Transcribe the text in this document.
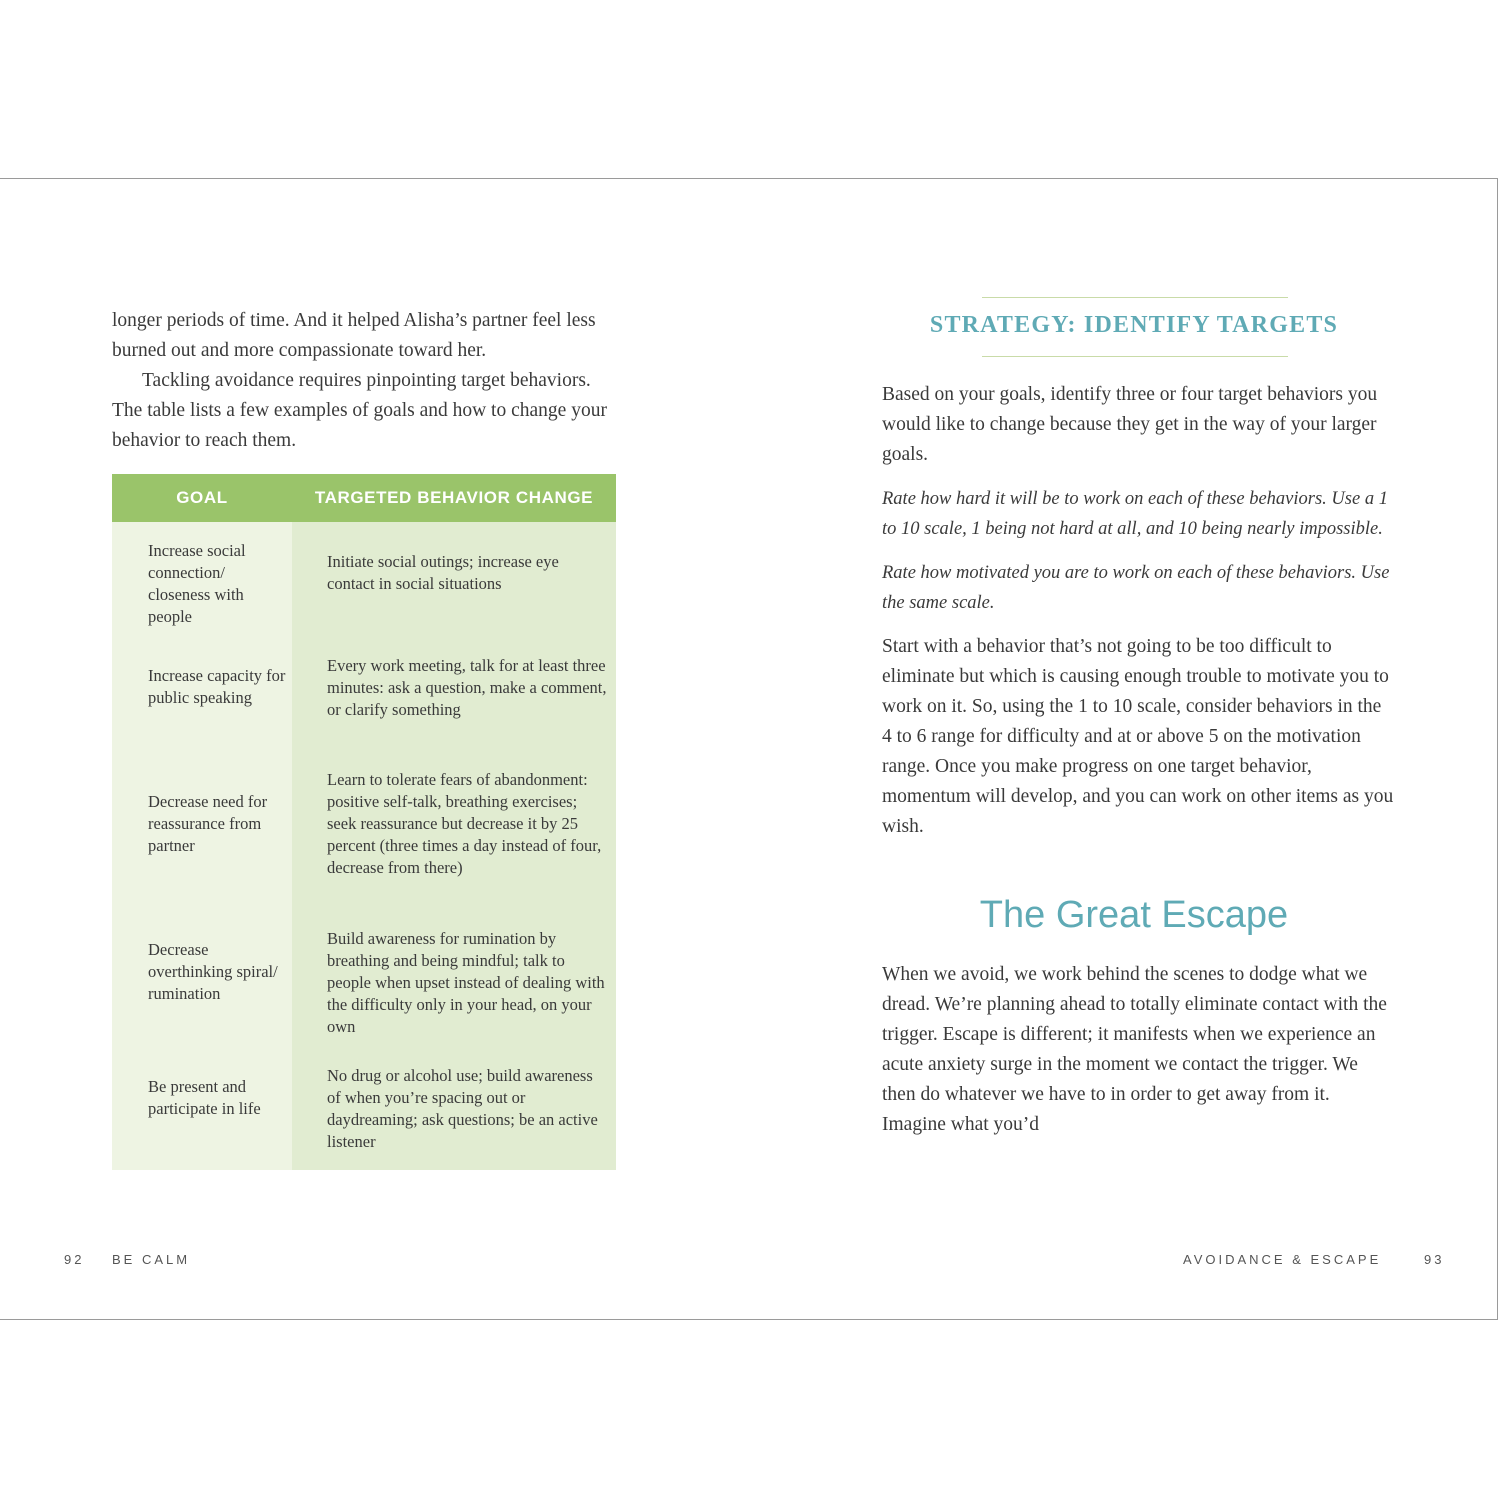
longer periods of time. And it helped Alisha’s partner feel less burned out and more compassionate toward her.

Tackling avoidance requires pinpointing target behaviors. The table lists a few examples of goals and how to change your behavior to reach them.

GOAL	TARGETED BEHAVIOR CHANGE
Increase social connection/ closeness with people
Initiate social outings; increase eye contact in social situations
Increase capacity for public speaking
Every work meeting, talk for at least three minutes: ask a question, make a comment, or clarify something
Decrease need for reassurance from partner
Learn to tolerate fears of abandonment: positive self-talk, breathing exercises; seek reassurance but decrease it by 25 percent (three times a day instead of four, decrease from there)
Decrease overthinking spiral/ rumination
Build awareness for rumination by breathing and being mindful; talk to people when upset instead of dealing with the difficulty only in your head, on your own
Be present and participate in life
No drug or alcohol use; build awareness of when you’re spacing out or daydreaming; ask questions; be an active listener
92 BE CALM
STRATEGY: IDENTIFY TARGETS

Based on your goals, identify three or four target behaviors you would like to change because they get in the way of your larger goals.

Rate how hard it will be to work on each of these behaviors. Use a 1 to 10 scale, 1 being not hard at all, and 10 being nearly impossible.

Rate how motivated you are to work on each of these behaviors. Use the same scale.

Start with a behavior that’s not going to be too difficult to eliminate but which is causing enough trouble to motivate you to work on it. So, using the 1 to 10 scale, consider behaviors in the 4 to 6 range for difficulty and at or above 5 on the motivation range. Once you make progress on one target behavior, momentum will develop, and you can work on other items as you wish.

The Great Escape

When we avoid, we work behind the scenes to dodge what we dread. We’re planning ahead to totally eliminate contact with the trigger. Escape is different; it manifests when we experience an acute anxiety surge in the moment we contact the trigger. We then do whatever we have to in order to get away from it. Imagine what you’d

AVOIDANCE & ESCAPE	93
